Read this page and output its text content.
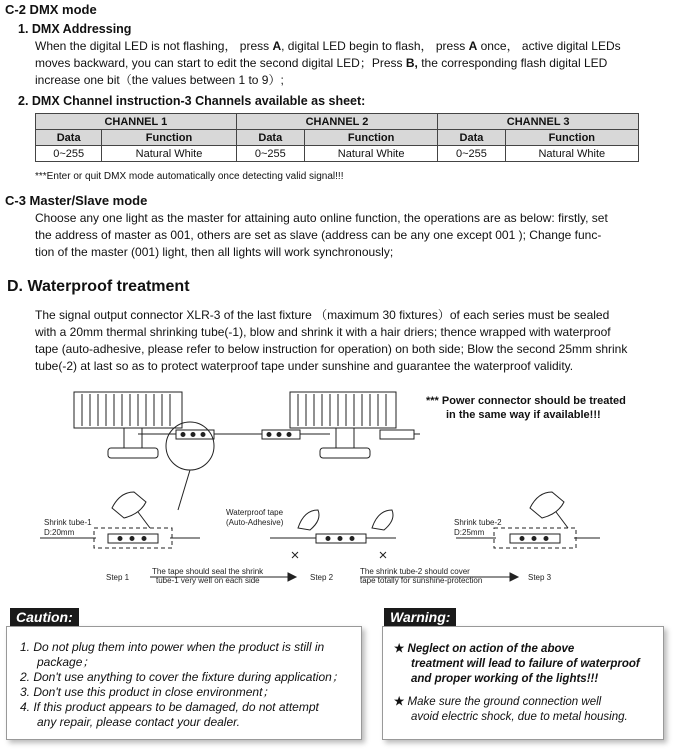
C-2 DMX mode
1. DMX Addressing
When the digital LED is not flashing， press A, digital LED begin to flash， press A once， active digital LEDs
moves backward, you can start to edit the second digital LED；Press B, the corresponding flash digital LED
increase one bit（the values between 1 to 9）;
2. DMX Channel instruction-3 Channels available as sheet:
CHANNEL 1		CHANNEL 2		CHANNEL 3	
Data	Function	Data	Function	Data	Function
0~255	Natural White	0~255	Natural White	0~255	Natural White
***Enter or quit DMX mode automatically once detecting valid signal!!!
C-3 Master/Slave mode
Choose any one light as the master for attaining auto online function, the operations are as below: firstly, set
the address of master as 001, others are set as slave (address can be any one except 001 ); Change func-
tion of the master (001) light, then all lights will work synchronously;
D. Waterproof treatment
The signal output connector XLR-3 of the last fixture （maximum 30 fixtures）of each series must be sealed
with a 20mm thermal shrinking tube(-1), blow and shrink it with a hair driers; thence wrapped with waterproof
tape (auto-adhesive, please refer to below instruction for operation) on both side; Blow the second 25mm shrink
tube(-2) at last so as to protect waterproof tape under sunshine and guarantee the waterproof validity.
*** Power connector should be treated
in the same way if available!!!
Shrink tube-1
D:20mm
Waterproof tape
(Auto-Adhesive)	Shrink tube-2
D:25mm
Step 1	Step 2	Step 3
The tape should seal the shrink
tube-1 very well on each side
The shrink tube-2 should cover
tape totally for sunshine-protection
Caution:
1. Do not plug them into power when the product is still in
package；
2. Don't use anything to cover the fixture during application；
3. Don't use this product in close environment；
4. If this product appears to be damaged, do not attempt
any repair, please contact your dealer.
Warning:
★ Neglect on action of the above
treatment will lead to failure of waterproof
and proper working of the lights!!!
★ Make sure the ground connection well
avoid electric shock, due to metal housing.
